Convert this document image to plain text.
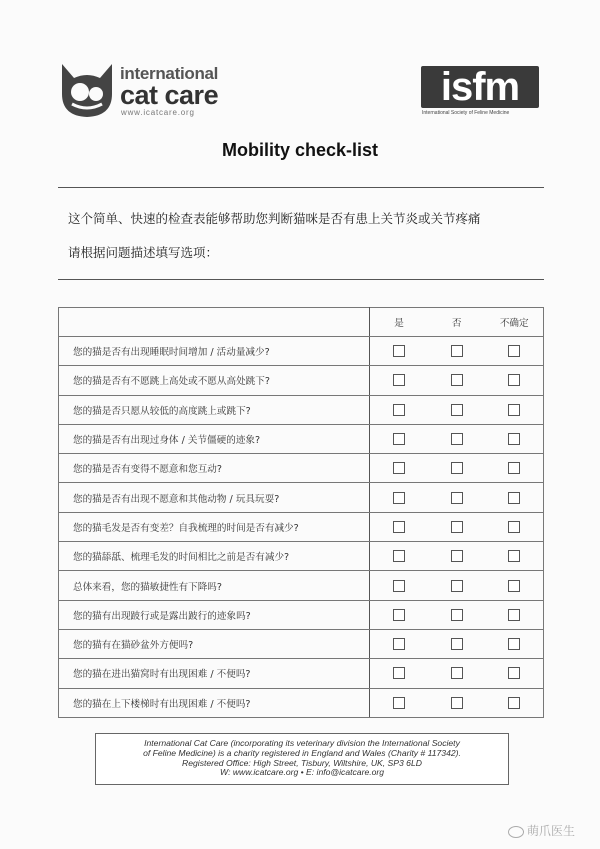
international
cat care
www.icatcare.org
isfm
International Society of Feline Medicine
Mobility check-list
这个简单、快速的检查表能够帮助您判断猫咪是否有患上关节炎或关节疼痛
请根据问题描述填写选项：
	是	否	不确定
您的猫是否有出现睡眠时间增加 / 活动量减少?			
您的猫是否有不愿跳上高处或不愿从高处跳下?			
您的猫是否只愿从较低的高度跳上或跳下?			
您的猫是否有出现过身体 / 关节僵硬的迹象?			
您的猫是否有变得不愿意和您互动?			
您的猫是否有出现不愿意和其他动物 / 玩具玩耍?			
您的猫毛发是否有变差？自我梳理的时间是否有减少?			
您的猫舔舐、梳理毛发的时间相比之前是否有减少?			
总体来看，您的猫敏捷性有下降吗?			
您的猫有出现跛行或是露出跛行的迹象吗?			
您的猫有在猫砂盆外方便吗?			
您的猫在进出猫窝时有出现困难 / 不便吗?			
您的猫在上下楼梯时有出现困难 / 不便吗?			
International Cat Care (incorporating its veterinary division the International Society
of Feline Medicine) is a charity registered in England and Wales (Charity # 117342).
Registered Office: High Street, Tisbury, Wiltshire, UK, SP3 6LD
W: www.icatcare.org • E: info@icatcare.org
萌爪医生
